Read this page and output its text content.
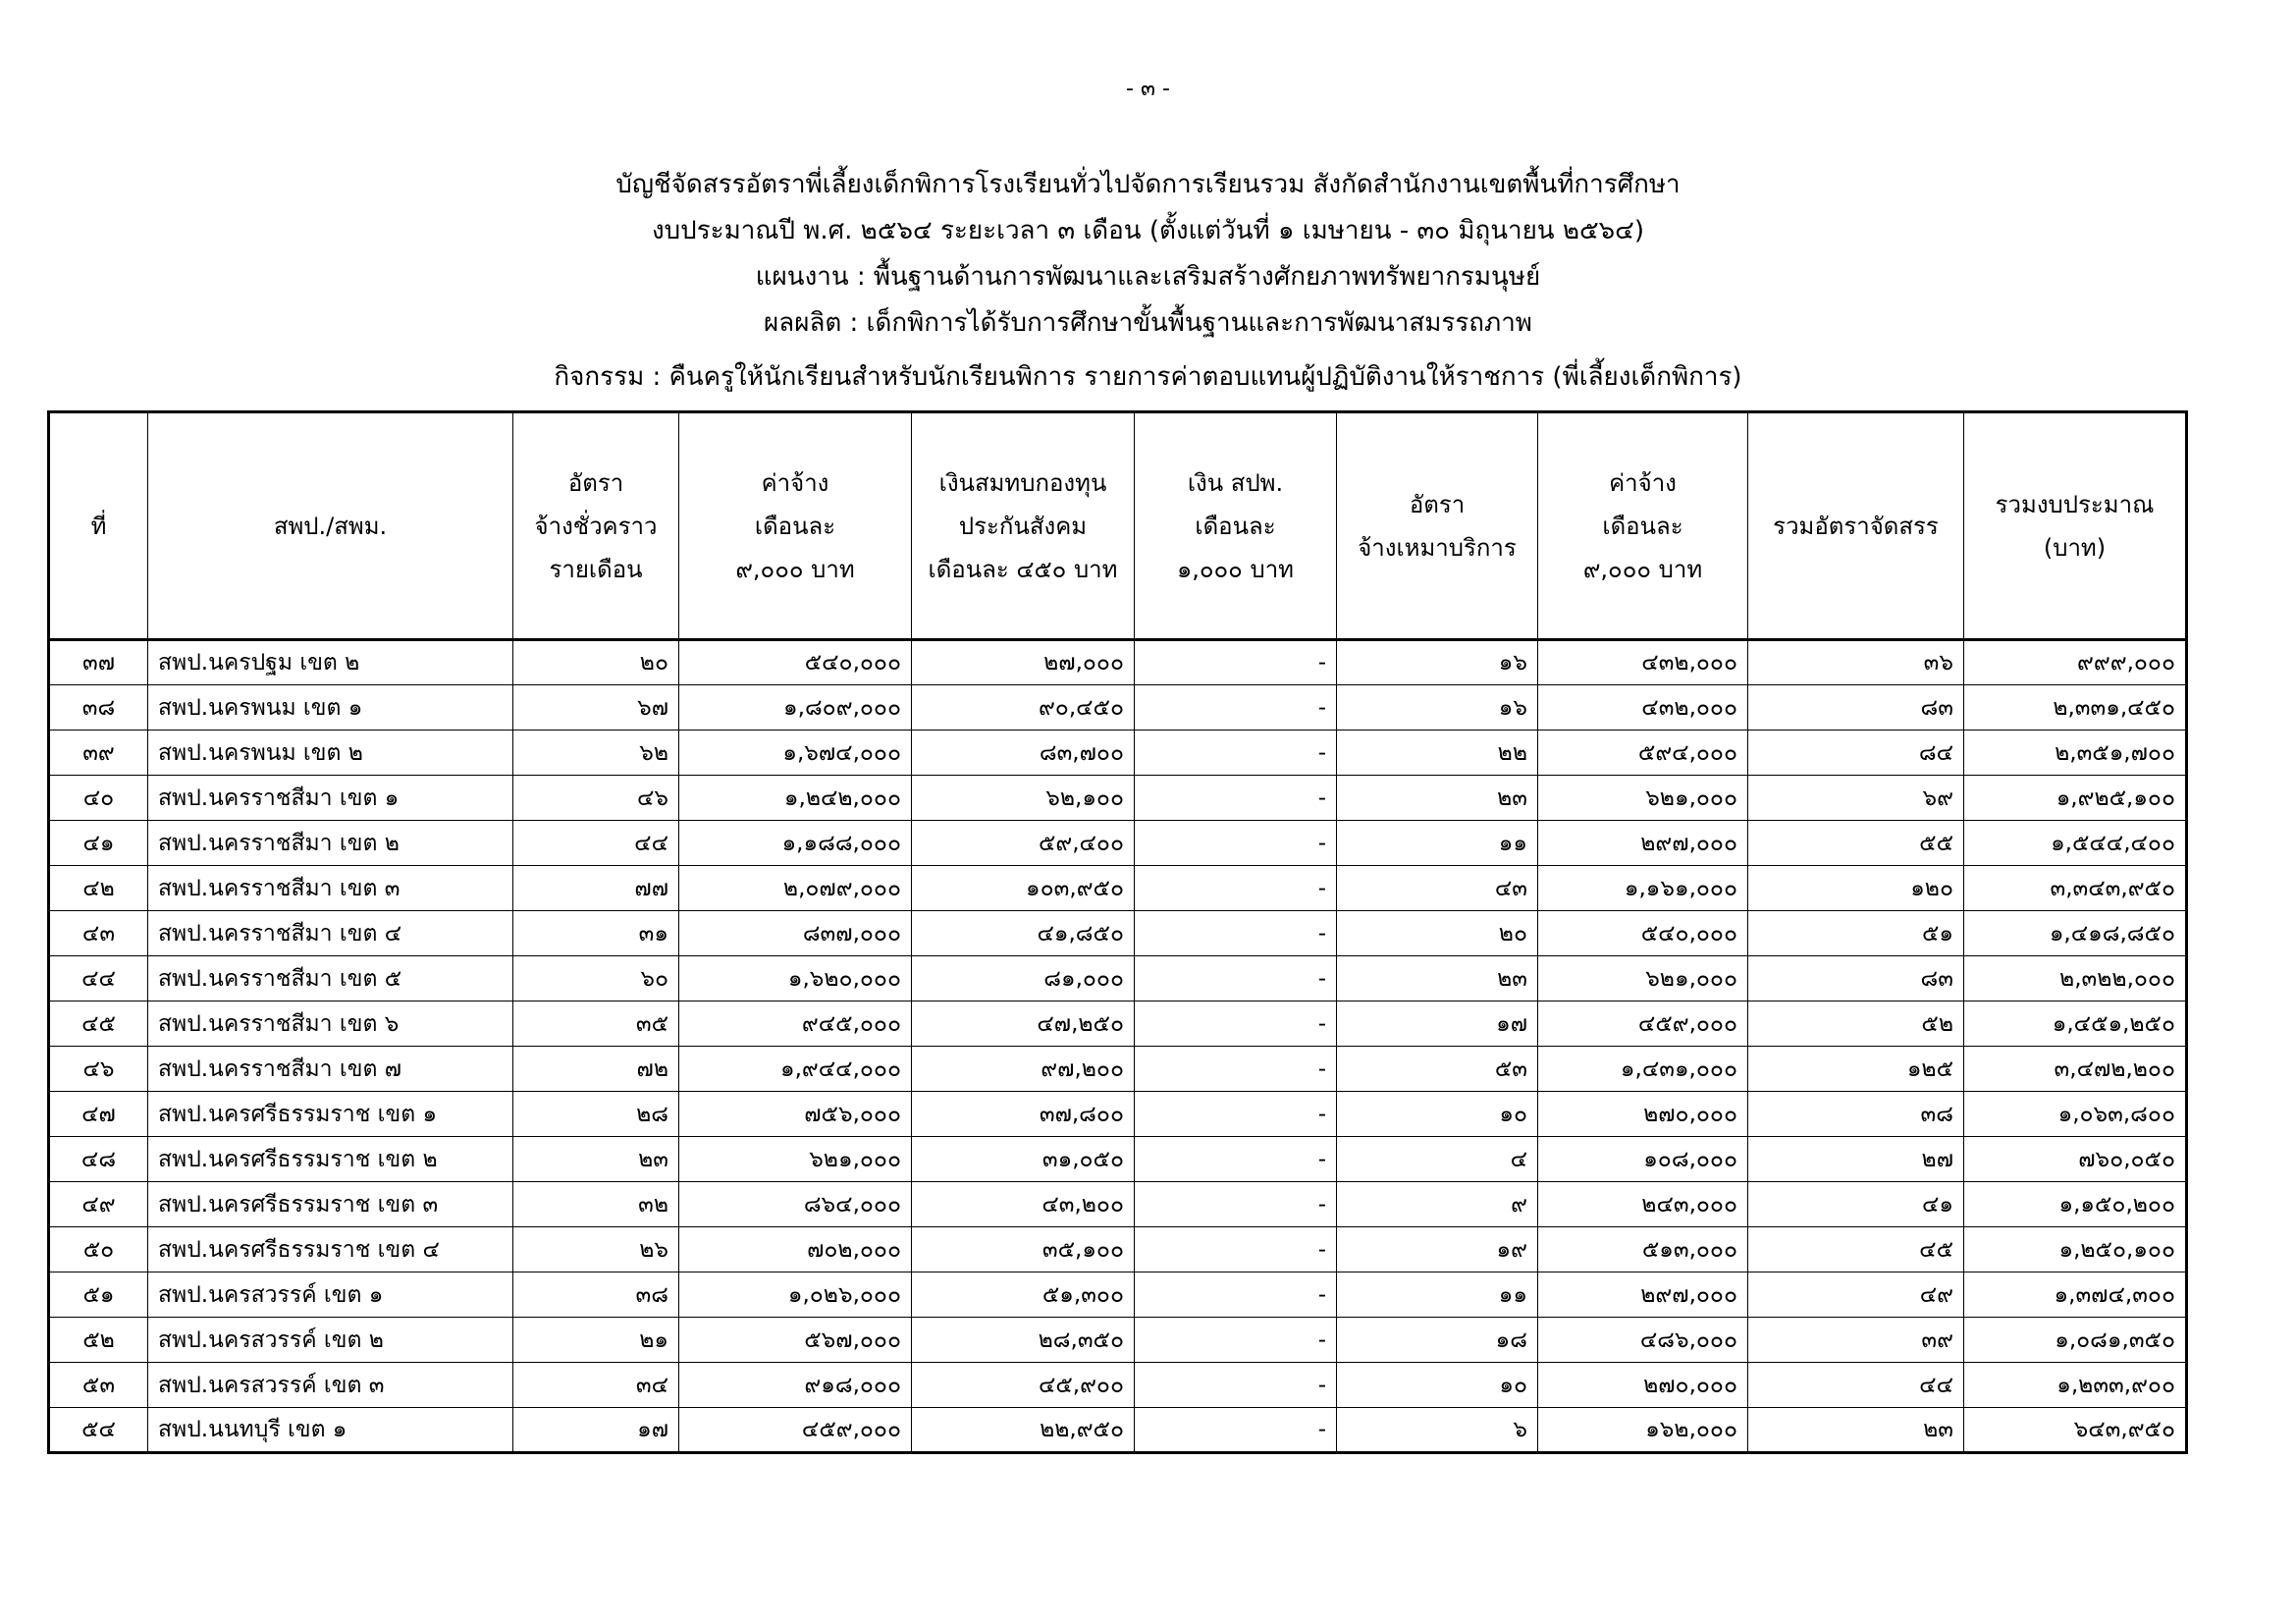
- ๓ -
บัญชีจัดสรรอัตราพี่เลี้ยงเด็กพิการโรงเรียนทั่วไปจัดการเรียนรวม สังกัดสำนักงานเขตพื้นที่การศึกษา
งบประมาณปี พ.ศ. ๒๕๖๔ ระยะเวลา ๓ เดือน (ตั้งแต่วันที่ ๑ เมษายน - ๓๐ มิถุนายน ๒๕๖๔)
แผนงาน : พื้นฐานด้านการพัฒนาและเสริมสร้างศักยภาพทรัพยากรมนุษย์
ผลผลิต : เด็กพิการได้รับการศึกษาขั้นพื้นฐานและการพัฒนาสมรรถภาพ
กิจกรรม : คืนครูให้นักเรียนสำหรับนักเรียนพิการ รายการค่าตอบแทนผู้ปฏิบัติงานให้ราชการ (พี่เลี้ยงเด็กพิการ)
ที่	สพป./สพม.	อัตรา
จ้างชั่วคราว
รายเดือน	ค่าจ้าง
เดือนละ
๙,๐๐๐ บาท	เงินสมทบกองทุน
ประกันสังคม
เดือนละ ๔๕๐ บาท	เงิน สปพ.
เดือนละ
๑,๐๐๐ บาท	อัตรา
จ้างเหมาบริการ	ค่าจ้าง
เดือนละ
๙,๐๐๐ บาท	รวมอัตราจัดสรร	รวมงบประมาณ
(บาท)

๓๗	สพป.นครปฐม เขต ๒	๒๐	๕๔๐,๐๐๐	๒๗,๐๐๐	-	๑๖	๔๓๒,๐๐๐	๓๖	๙๙๙,๐๐๐
๓๘	สพป.นครพนม เขต ๑	๖๗	๑,๘๐๙,๐๐๐	๙๐,๔๕๐	-	๑๖	๔๓๒,๐๐๐	๘๓	๒,๓๓๑,๔๕๐
๓๙	สพป.นครพนม เขต ๒	๖๒	๑,๖๗๔,๐๐๐	๘๓,๗๐๐	-	๒๒	๕๙๔,๐๐๐	๘๔	๒,๓๕๑,๗๐๐
๔๐	สพป.นครราชสีมา เขต ๑	๔๖	๑,๒๔๒,๐๐๐	๖๒,๑๐๐	-	๒๓	๖๒๑,๐๐๐	๖๙	๑,๙๒๕,๑๐๐
๔๑	สพป.นครราชสีมา เขต ๒	๔๔	๑,๑๘๘,๐๐๐	๕๙,๔๐๐	-	๑๑	๒๙๗,๐๐๐	๕๕	๑,๕๔๔,๔๐๐
๔๒	สพป.นครราชสีมา เขต ๓	๗๗	๒,๐๗๙,๐๐๐	๑๐๓,๙๕๐	-	๔๓	๑,๑๖๑,๐๐๐	๑๒๐	๓,๓๔๓,๙๕๐
๔๓	สพป.นครราชสีมา เขต ๔	๓๑	๘๓๗,๐๐๐	๔๑,๘๕๐	-	๒๐	๕๔๐,๐๐๐	๕๑	๑,๔๑๘,๘๕๐
๔๔	สพป.นครราชสีมา เขต ๕	๖๐	๑,๖๒๐,๐๐๐	๘๑,๐๐๐	-	๒๓	๖๒๑,๐๐๐	๘๓	๒,๓๒๒,๐๐๐
๔๕	สพป.นครราชสีมา เขต ๖	๓๕	๙๔๕,๐๐๐	๔๗,๒๕๐	-	๑๗	๔๕๙,๐๐๐	๕๒	๑,๔๕๑,๒๕๐
๔๖	สพป.นครราชสีมา เขต ๗	๗๒	๑,๙๔๔,๐๐๐	๙๗,๒๐๐	-	๕๓	๑,๔๓๑,๐๐๐	๑๒๕	๓,๔๗๒,๒๐๐
๔๗	สพป.นครศรีธรรมราช เขต ๑	๒๘	๗๕๖,๐๐๐	๓๗,๘๐๐	-	๑๐	๒๗๐,๐๐๐	๓๘	๑,๐๖๓,๘๐๐
๔๘	สพป.นครศรีธรรมราช เขต ๒	๒๓	๖๒๑,๐๐๐	๓๑,๐๕๐	-	๔	๑๐๘,๐๐๐	๒๗	๗๖๐,๐๕๐
๔๙	สพป.นครศรีธรรมราช เขต ๓	๓๒	๘๖๔,๐๐๐	๔๓,๒๐๐	-	๙	๒๔๓,๐๐๐	๔๑	๑,๑๕๐,๒๐๐
๕๐	สพป.นครศรีธรรมราช เขต ๔	๒๖	๗๐๒,๐๐๐	๓๕,๑๐๐	-	๑๙	๕๑๓,๐๐๐	๔๕	๑,๒๕๐,๑๐๐
๕๑	สพป.นครสวรรค์ เขต ๑	๓๘	๑,๐๒๖,๐๐๐	๕๑,๓๐๐	-	๑๑	๒๙๗,๐๐๐	๔๙	๑,๓๗๔,๓๐๐
๕๒	สพป.นครสวรรค์ เขต ๒	๒๑	๕๖๗,๐๐๐	๒๘,๓๕๐	-	๑๘	๔๘๖,๐๐๐	๓๙	๑,๐๘๑,๓๕๐
๕๓	สพป.นครสวรรค์ เขต ๓	๓๔	๙๑๘,๐๐๐	๔๕,๙๐๐	-	๑๐	๒๗๐,๐๐๐	๔๔	๑,๒๓๓,๙๐๐
๕๔	สพป.นนทบุรี เขต ๑	๑๗	๔๕๙,๐๐๐	๒๒,๙๕๐	-	๖	๑๖๒,๐๐๐	๒๓	๖๔๓,๙๕๐
